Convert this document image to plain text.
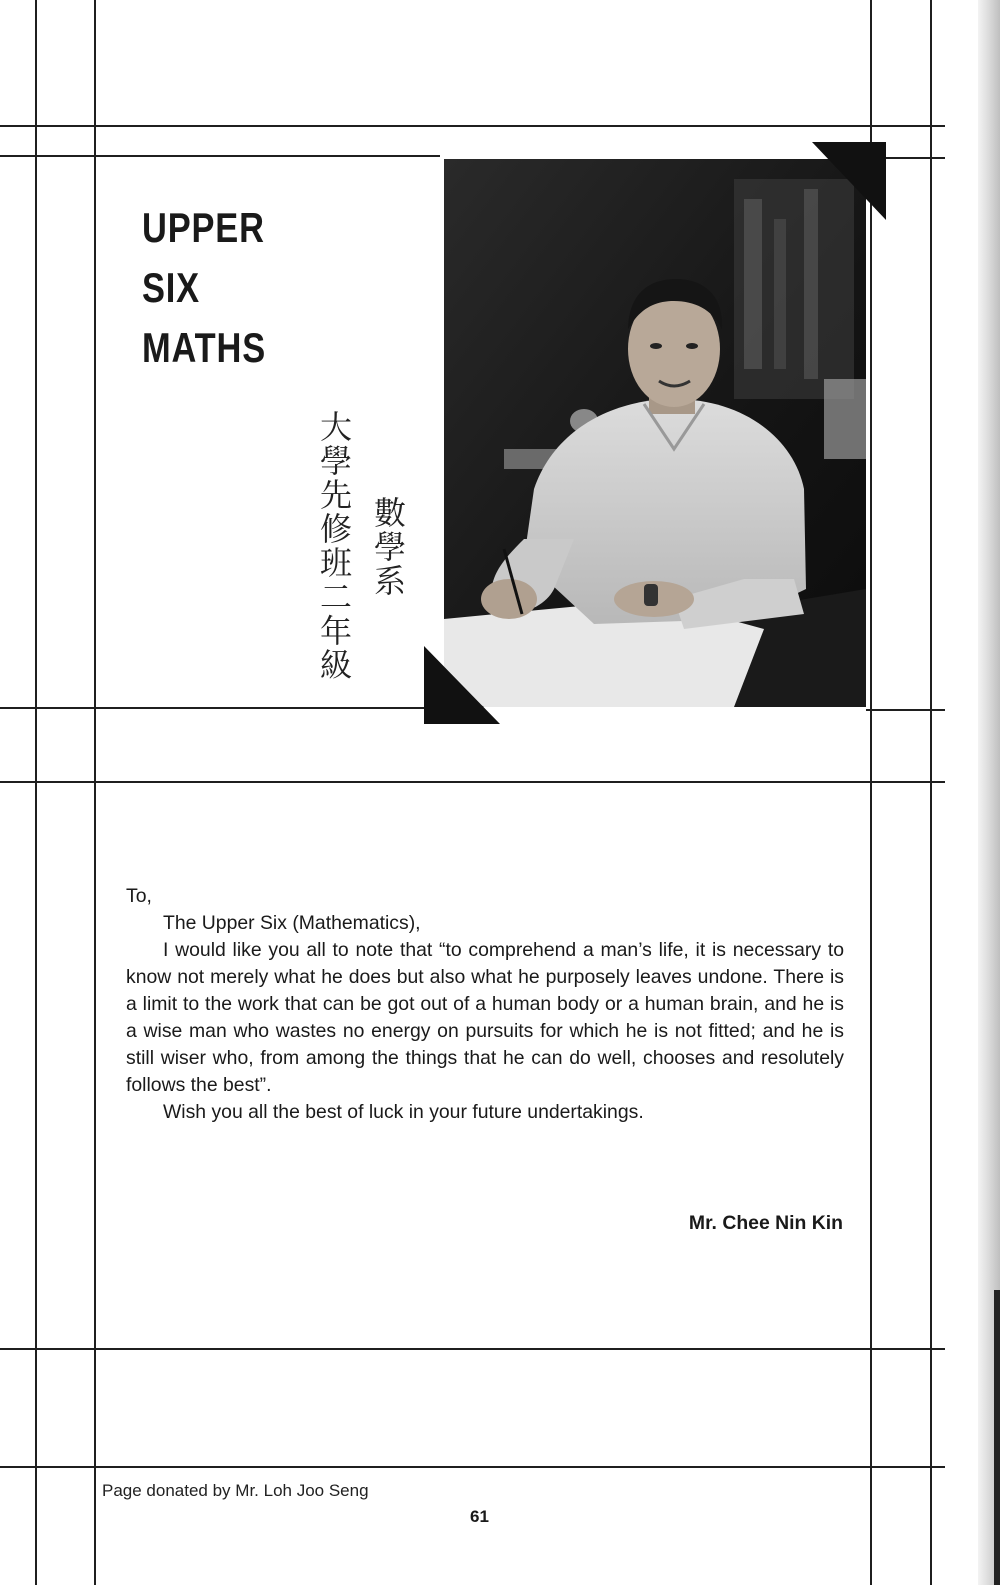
UPPER
SIX
MATHS
大學先修班二年級 數學系

To,

The Upper Six (Mathematics),

I would like you all to note that “to comprehend a man’s life, it is necessary to know not merely what he does but also what he purposely leaves undone. There is a limit to the work that can be got out of a human body or a human brain, and he is a wise man who wastes no energy on pursuits for which he is not fitted; and he is still wiser who, from among the things that he can do well, chooses and resolutely follows the best”.

Wish you all the best of luck in your future undertakings.

Mr. Chee Nin Kin
Page donated by Mr. Loh Joo Seng
61
